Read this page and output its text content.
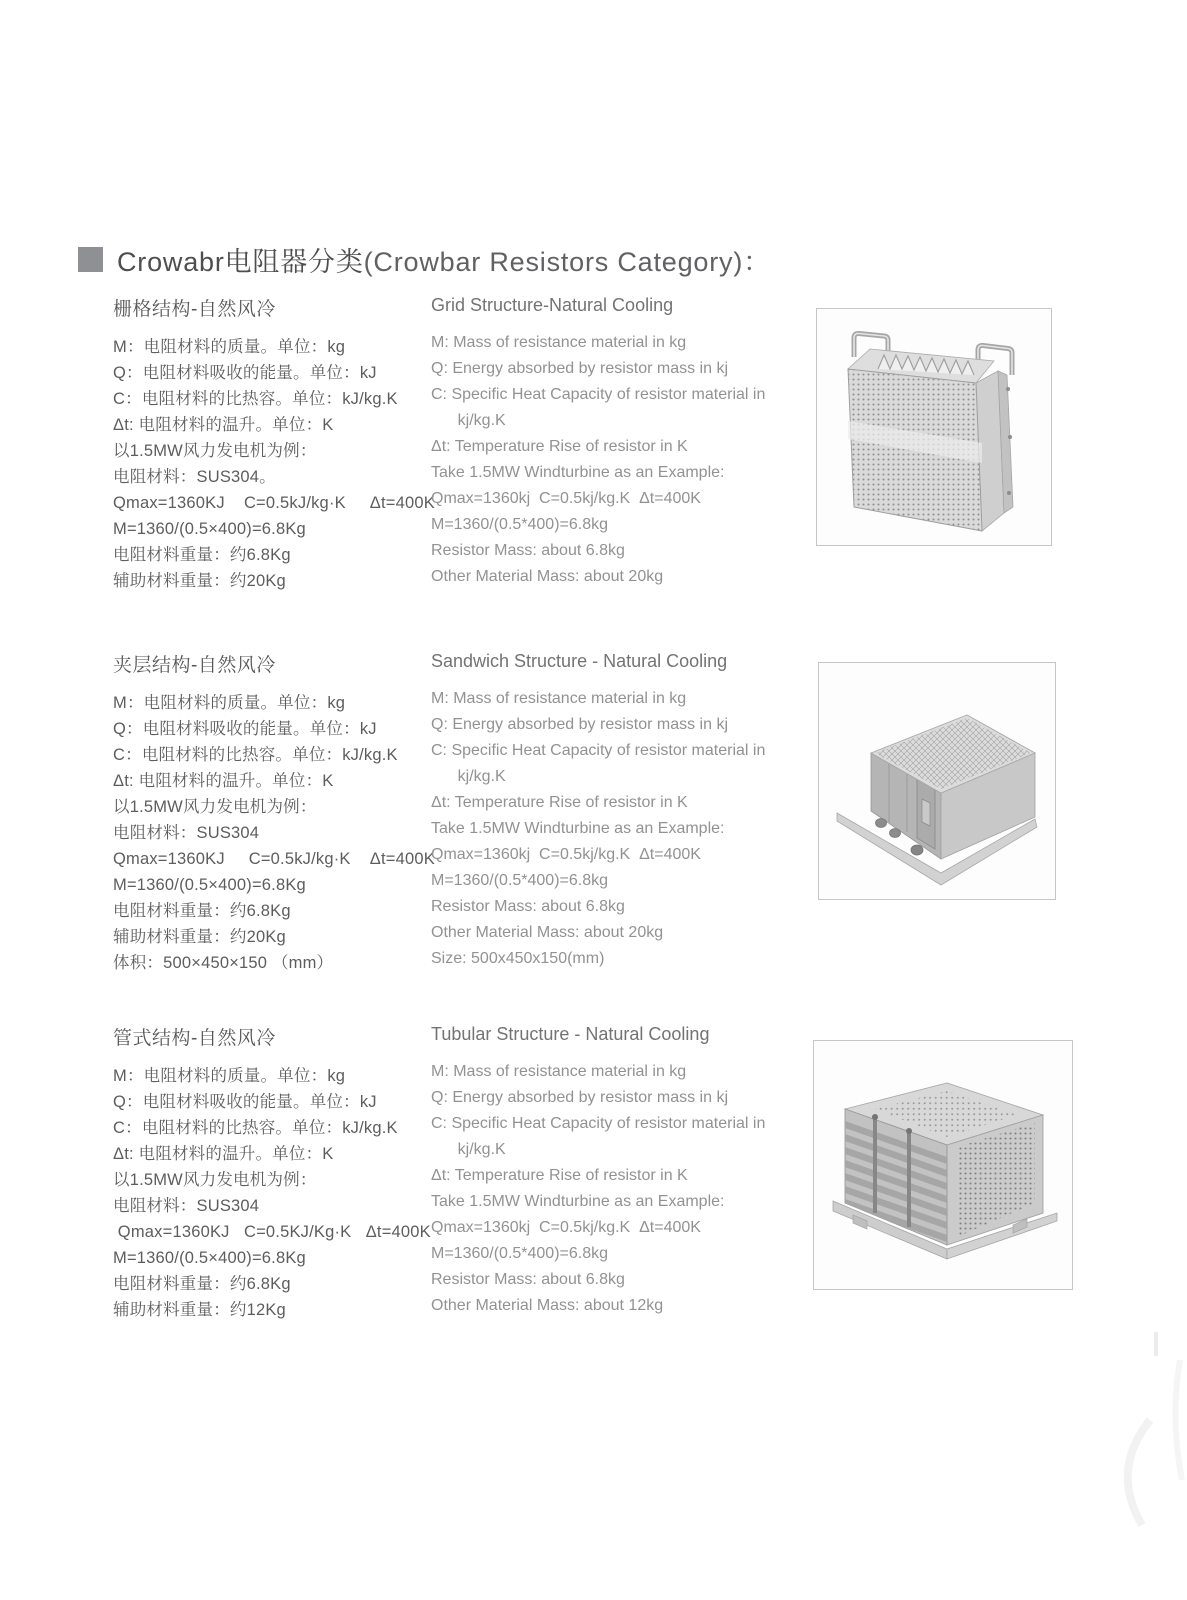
Crowabr电阻器分类(Crowbar Resistors Category)：
栅格结构-自然风冷
M：电阻材料的质量。单位：kg
Q：电阻材料吸收的能量。单位：kJ
C：电阻材料的比热容。单位：kJ/kg.K
Δt: 电阻材料的温升。单位：K
以1.5MW风力发电机为例：
电阻材料：SUS304。
Qmax=1360KJ    C=0.5kJ/kg·K     Δt=400K
M=1360/(0.5×400)=6.8Kg
电阻材料重量：约6.8Kg
辅助材料重量：约20Kg
Grid Structure-Natural Cooling
M: Mass of resistance material in kg
Q: Energy absorbed by resistor mass in kj
C: Specific Heat Capacity of resistor material in
kj/kg.K
Δt: Temperature Rise of resistor in K
Take 1.5MW Windturbine as an Example:
Qmax=1360kj  C=0.5kj/kg.K  Δt=400K
M=1360/(0.5*400)=6.8kg
Resistor Mass: about 6.8kg
Other Material Mass: about 20kg
夹层结构-自然风冷
M：电阻材料的质量。单位：kg
Q：电阻材料吸收的能量。单位：kJ
C：电阻材料的比热容。单位：kJ/kg.K
Δt: 电阻材料的温升。单位：K
以1.5MW风力发电机为例：
电阻材料：SUS304
Qmax=1360KJ     C=0.5kJ/kg·K    Δt=400K
M=1360/(0.5×400)=6.8Kg
电阻材料重量：约6.8Kg
辅助材料重量：约20Kg
体积：500×450×150 （mm）
Sandwich Structure - Natural Cooling
M: Mass of resistance material in kg
Q: Energy absorbed by resistor mass in kj
C: Specific Heat Capacity of resistor material in
kj/kg.K
Δt: Temperature Rise of resistor in K
Take 1.5MW Windturbine as an Example:
Qmax=1360kj  C=0.5kj/kg.K  Δt=400K
M=1360/(0.5*400)=6.8kg
Resistor Mass: about 6.8kg
Other Material Mass: about 20kg
Size: 500x450x150(mm)
管式结构-自然风冷
M：电阻材料的质量。单位：kg
Q：电阻材料吸收的能量。单位：kJ
C：电阻材料的比热容。单位：kJ/kg.K
Δt: 电阻材料的温升。单位：K
以1.5MW风力发电机为例：
电阻材料：SUS304
Qmax=1360KJ   C=0.5KJ/Kg·K   Δt=400K
M=1360/(0.5×400)=6.8Kg
电阻材料重量：约6.8Kg
辅助材料重量：约12Kg
Tubular Structure - Natural Cooling
M: Mass of resistance material in kg
Q: Energy absorbed by resistor mass in kj
C: Specific Heat Capacity of resistor material in
kj/kg.K
Δt: Temperature Rise of resistor in K
Take 1.5MW Windturbine as an Example:
Qmax=1360kj  C=0.5kj/kg.K  Δt=400K
M=1360/(0.5*400)=6.8kg
Resistor Mass: about 6.8kg
Other Material Mass: about 12kg
